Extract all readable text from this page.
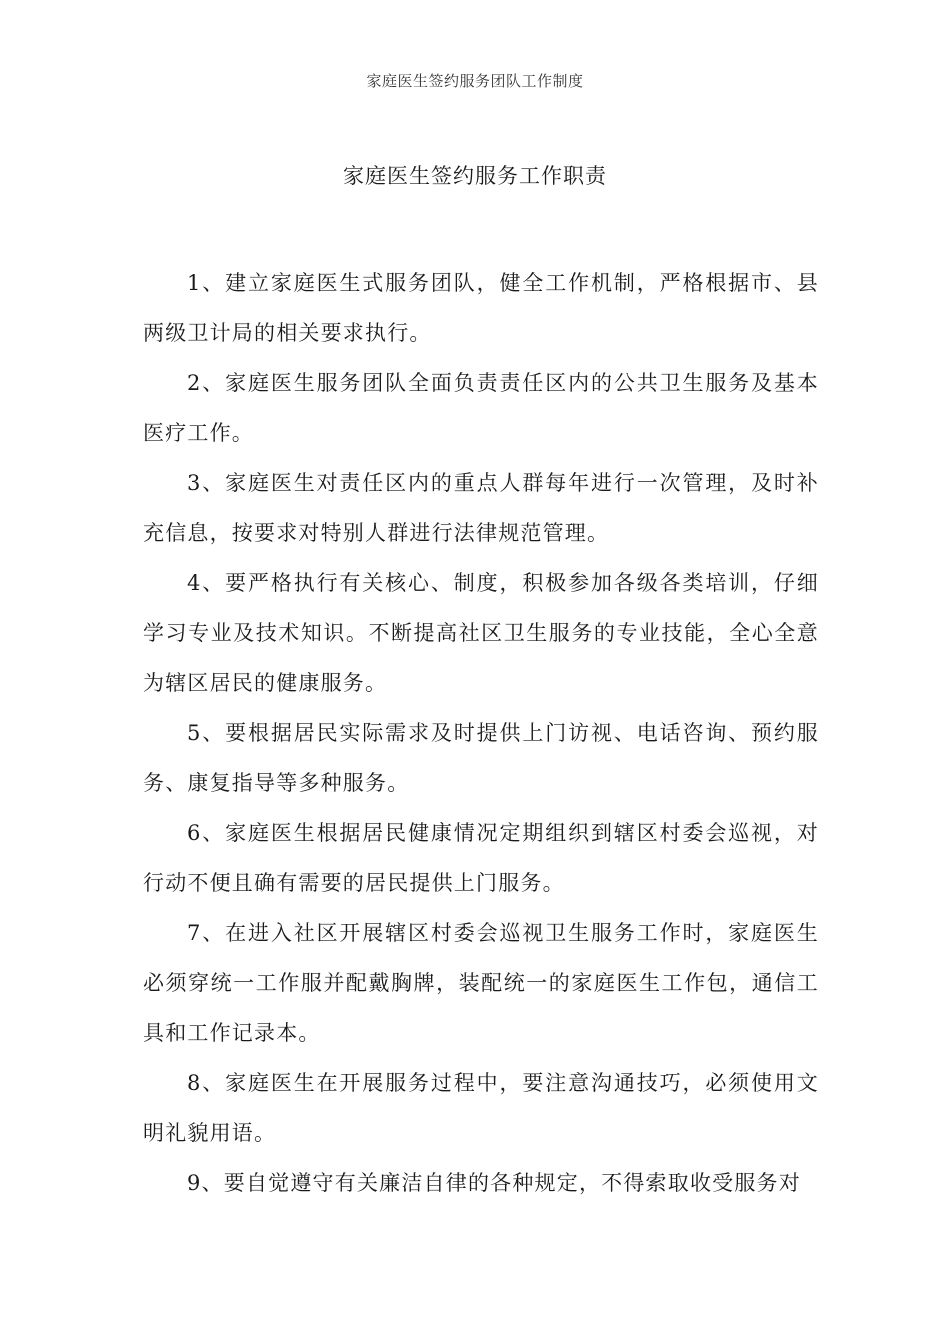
家庭医生签约服务团队工作制度
家庭医生签约服务工作职责

1、建立家庭医生式服务团队，健全工作机制，严格根据市、县两级卫计局的相关要求执行。

2、家庭医生服务团队全面负责责任区内的公共卫生服务及基本医疗工作。

3、家庭医生对责任区内的重点人群每年进行一次管理，及时补充信息，按要求对特别人群进行法律规范管理。

4、要严格执行有关核心、制度，积极参加各级各类培训，仔细学习专业及技术知识。不断提高社区卫生服务的专业技能，全心全意为辖区居民的健康服务。

5、要根据居民实际需求及时提供上门访视、电话咨询、预约服务、康复指导等多种服务。

6、家庭医生根据居民健康情况定期组织到辖区村委会巡视，对行动不便且确有需要的居民提供上门服务。

7、在进入社区开展辖区村委会巡视卫生服务工作时，家庭医生必须穿统一工作服并配戴胸牌，装配统一的家庭医生工作包，通信工具和工作记录本。

8、家庭医生在开展服务过程中，要注意沟通技巧，必须使用文明礼貌用语。

9、要自觉遵守有关廉洁自律的各种规定，不得索取收受服务对
